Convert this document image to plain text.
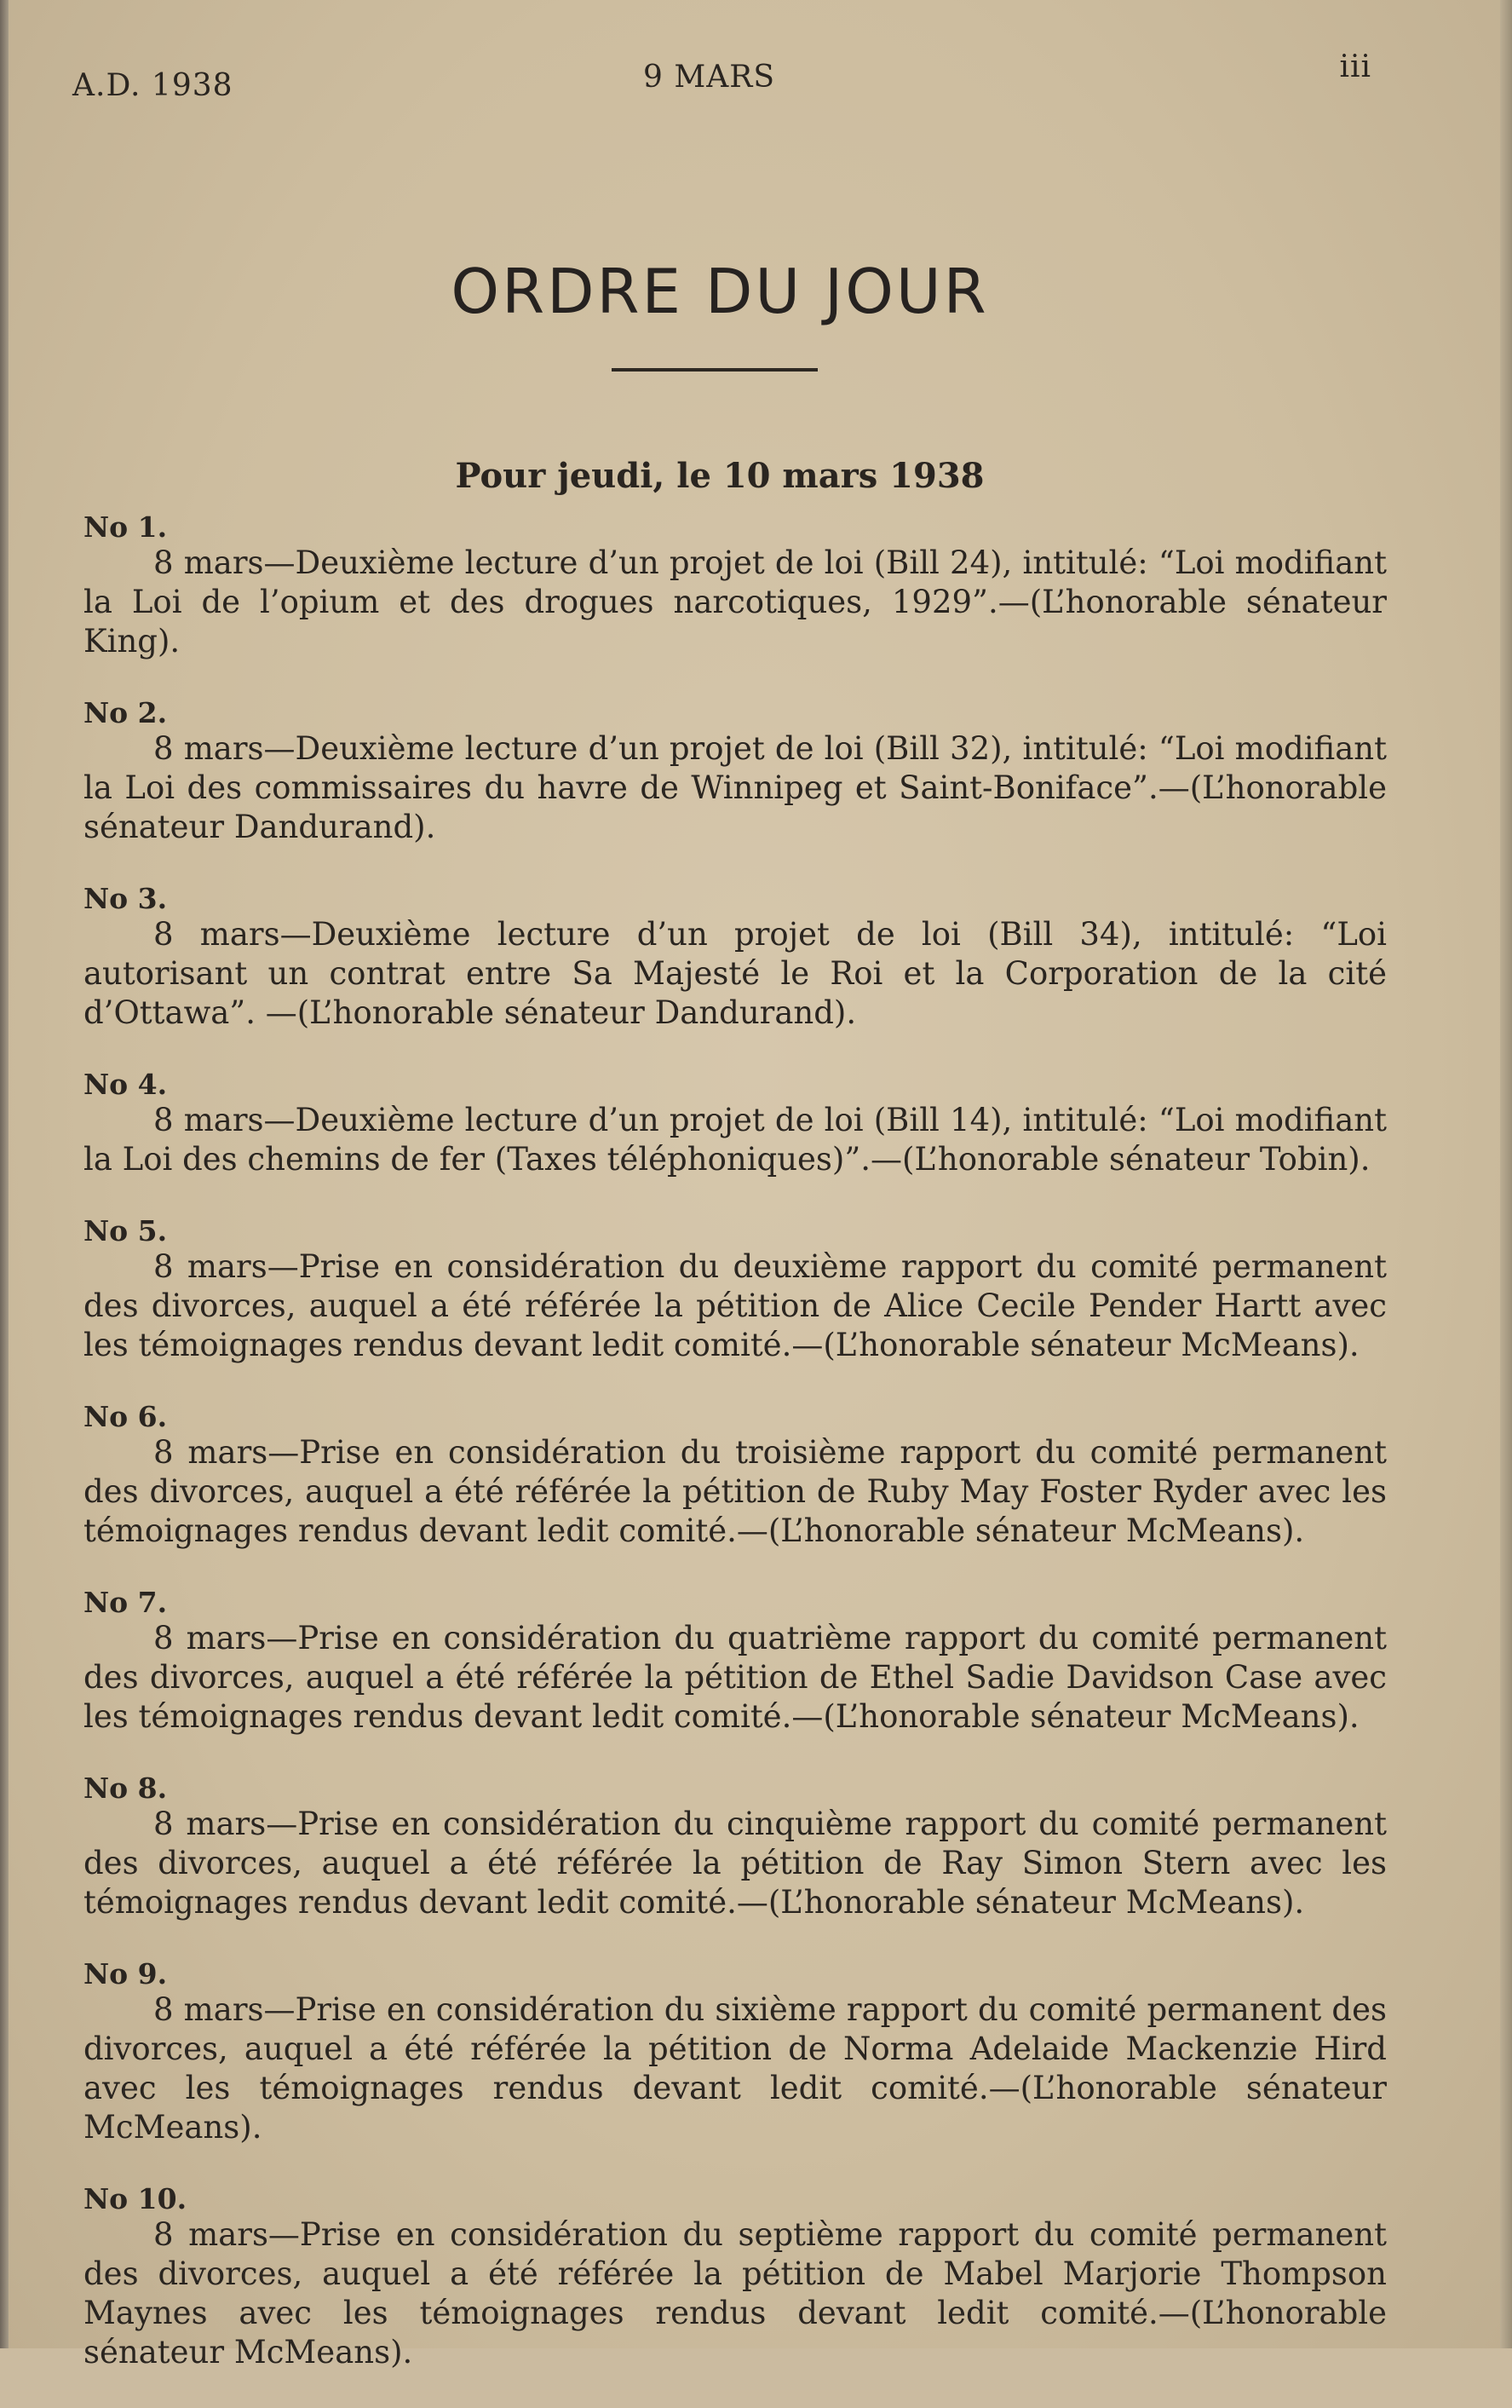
A.D. 1938	9 MARS	iii
ORDRE DU JOUR
Pour jeudi, le 10 mars 1938
No 1.
8 mars—Deuxième lecture d’un projet de loi (Bill 24), intitulé: “Loi modifiant la Loi de l’opium et des drogues narcotiques, 1929”.—(L’honorable sénateur King).
No 2.
8 mars—Deuxième lecture d’un projet de loi (Bill 32), intitulé: “Loi modifiant la Loi des commissaires du havre de Winnipeg et Saint-Boniface”.—(L’honorable sénateur Dandurand).
No 3.
8 mars—Deuxième lecture d’un projet de loi (Bill 34), intitulé: “Loi autorisant un contrat entre Sa Majesté le Roi et la Corporation de la cité d’Ottawa”. —(L’honorable sénateur Dandurand).
No 4.
8 mars—Deuxième lecture d’un projet de loi (Bill 14), intitulé: “Loi modifiant la Loi des chemins de fer (Taxes téléphoniques)”.—(L’honorable sénateur Tobin).
No 5.
8 mars—Prise en considération du deuxième rapport du comité permanent des divorces, auquel a été référée la pétition de Alice Cecile Pender Hartt avec les témoignages rendus devant ledit comité.—(L’honorable sénateur McMeans).
No 6.
8 mars—Prise en considération du troisième rapport du comité permanent des divorces, auquel a été référée la pétition de Ruby May Foster Ryder avec les témoignages rendus devant ledit comité.—(L’honorable sénateur McMeans).
No 7.
8 mars—Prise en considération du quatrième rapport du comité permanent des divorces, auquel a été référée la pétition de Ethel Sadie Davidson Case avec les témoignages rendus devant ledit comité.—(L’honorable sénateur McMeans).
No 8.
8 mars—Prise en considération du cinquième rapport du comité permanent des divorces, auquel a été référée la pétition de Ray Simon Stern avec les témoignages rendus devant ledit comité.—(L’honorable sénateur McMeans).
No 9.
8 mars—Prise en considération du sixième rapport du comité permanent des divorces, auquel a été référée la pétition de Norma Adelaide Mackenzie Hird avec les témoignages rendus devant ledit comité.—(L’honorable sénateur McMeans).
No 10.
8 mars—Prise en considération du septième rapport du comité permanent des divorces, auquel a été référée la pétition de Mabel Marjorie Thompson Maynes avec les témoignages rendus devant ledit comité.—(L’honorable sénateur McMeans).
